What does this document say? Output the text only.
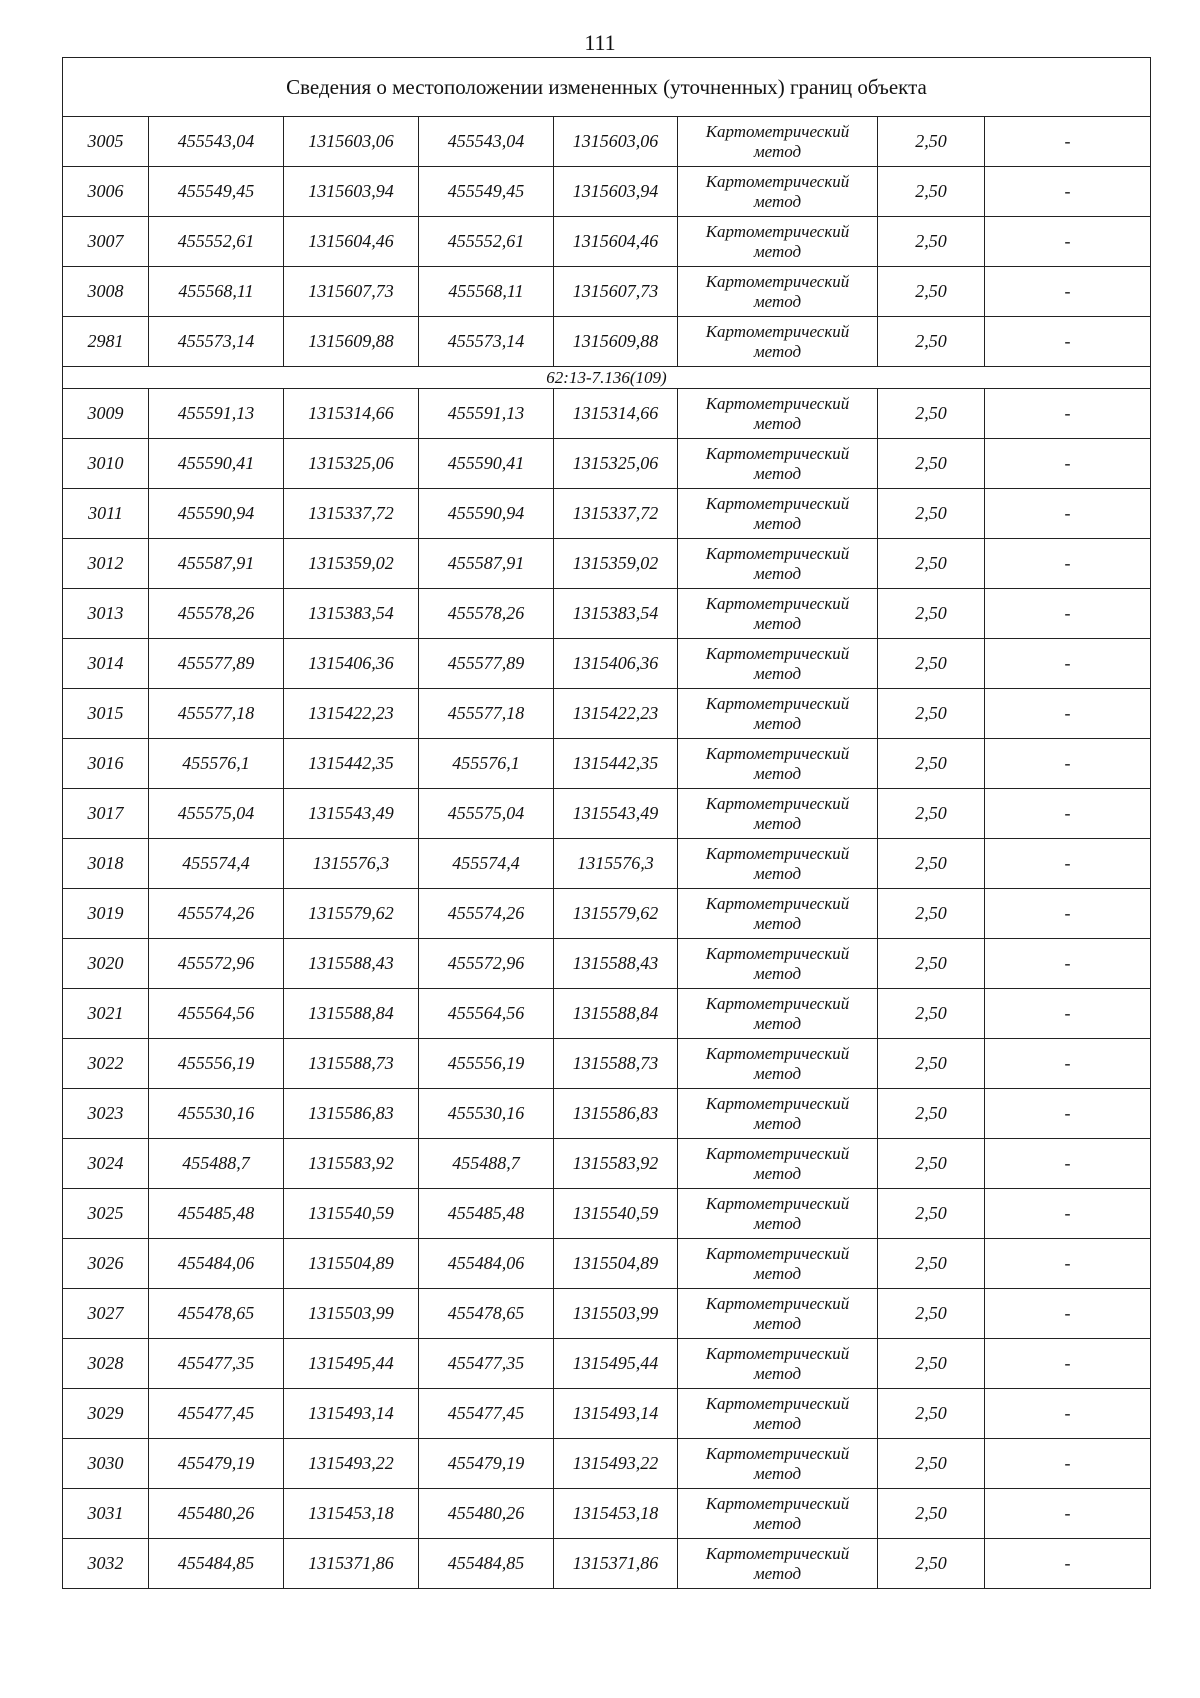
111
Сведения о местоположении измененных (уточненных) границ объекта							
3005	455543,04	1315603,06	455543,04	1315603,06	Картометрический метод	2,50	-
3006	455549,45	1315603,94	455549,45	1315603,94	Картометрический метод	2,50	-
3007	455552,61	1315604,46	455552,61	1315604,46	Картометрический метод	2,50	-
3008	455568,11	1315607,73	455568,11	1315607,73	Картометрический метод	2,50	-
2981	455573,14	1315609,88	455573,14	1315609,88	Картометрический метод	2,50	-
62:13-7.136(109)							
3009	455591,13	1315314,66	455591,13	1315314,66	Картометрический метод	2,50	-
3010	455590,41	1315325,06	455590,41	1315325,06	Картометрический метод	2,50	-
3011	455590,94	1315337,72	455590,94	1315337,72	Картометрический метод	2,50	-
3012	455587,91	1315359,02	455587,91	1315359,02	Картометрический метод	2,50	-
3013	455578,26	1315383,54	455578,26	1315383,54	Картометрический метод	2,50	-
3014	455577,89	1315406,36	455577,89	1315406,36	Картометрический метод	2,50	-
3015	455577,18	1315422,23	455577,18	1315422,23	Картометрический метод	2,50	-
3016	455576,1	1315442,35	455576,1	1315442,35	Картометрический метод	2,50	-
3017	455575,04	1315543,49	455575,04	1315543,49	Картометрический метод	2,50	-
3018	455574,4	1315576,3	455574,4	1315576,3	Картометрический метод	2,50	-
3019	455574,26	1315579,62	455574,26	1315579,62	Картометрический метод	2,50	-
3020	455572,96	1315588,43	455572,96	1315588,43	Картометрический метод	2,50	-
3021	455564,56	1315588,84	455564,56	1315588,84	Картометрический метод	2,50	-
3022	455556,19	1315588,73	455556,19	1315588,73	Картометрический метод	2,50	-
3023	455530,16	1315586,83	455530,16	1315586,83	Картометрический метод	2,50	-
3024	455488,7	1315583,92	455488,7	1315583,92	Картометрический метод	2,50	-
3025	455485,48	1315540,59	455485,48	1315540,59	Картометрический метод	2,50	-
3026	455484,06	1315504,89	455484,06	1315504,89	Картометрический метод	2,50	-
3027	455478,65	1315503,99	455478,65	1315503,99	Картометрический метод	2,50	-
3028	455477,35	1315495,44	455477,35	1315495,44	Картометрический метод	2,50	-
3029	455477,45	1315493,14	455477,45	1315493,14	Картометрический метод	2,50	-
3030	455479,19	1315493,22	455479,19	1315493,22	Картометрический метод	2,50	-
3031	455480,26	1315453,18	455480,26	1315453,18	Картометрический метод	2,50	-
3032	455484,85	1315371,86	455484,85	1315371,86	Картометрический метод	2,50	-
